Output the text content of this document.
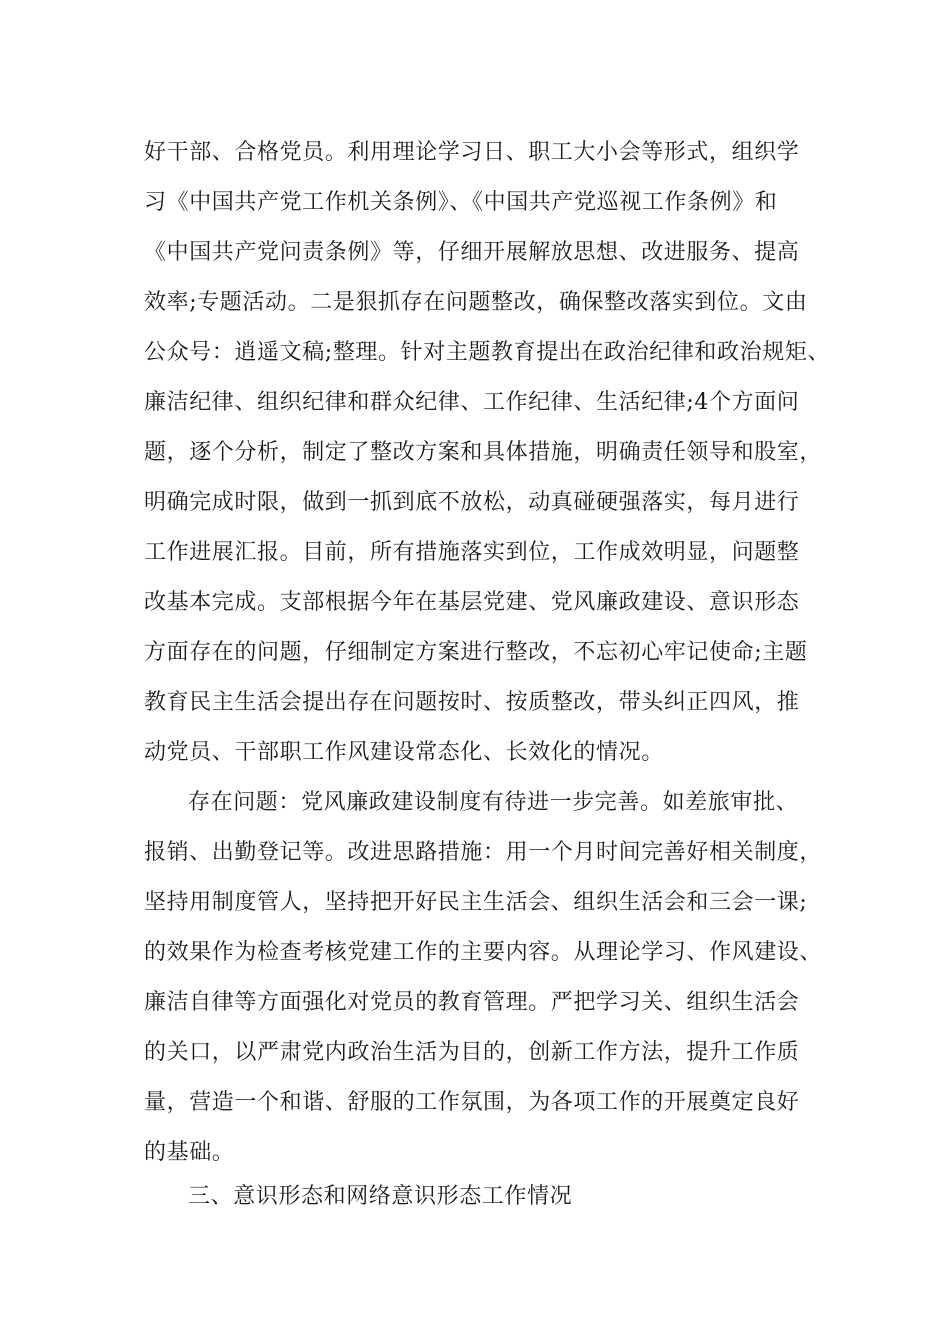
好干部、合格党员。利用理论学习日、职工大小会等形式，组织学
习《中国共产党工作机关条例》、《中国共产党巡视工作条例》和
《中国共产党问责条例》等，仔细开展解放思想、改进服务、提高
效率;专题活动。二是狠抓存在问题整改，确保整改落实到位。文由
公众号：逍遥文稿;整理。针对主题教育提出在政治纪律和政治规矩、
廉洁纪律、组织纪律和群众纪律、工作纪律、生活纪律;4个方面问
题，逐个分析，制定了整改方案和具体措施，明确责任领导和股室，
明确完成时限，做到一抓到底不放松，动真碰硬强落实，每月进行
工作进展汇报。目前，所有措施落实到位，工作成效明显，问题整
改基本完成。支部根据今年在基层党建、党风廉政建设、意识形态
方面存在的问题，仔细制定方案进行整改，不忘初心牢记使命;主题
教育民主生活会提出存在问题按时、按质整改，带头纠正四风，推
动党员、干部职工作风建设常态化、长效化的情况。
存在问题：党风廉政建设制度有待进一步完善。如差旅审批、
报销、出勤登记等。改进思路措施：用一个月时间完善好相关制度，
坚持用制度管人，坚持把开好民主生活会、组织生活会和三会一课;
的效果作为检查考核党建工作的主要内容。从理论学习、作风建设、
廉洁自律等方面强化对党员的教育管理。严把学习关、组织生活会
的关口，以严肃党内政治生活为目的，创新工作方法，提升工作质
量，营造一个和谐、舒服的工作氛围，为各项工作的开展奠定良好
的基础。
三、意识形态和网络意识形态工作情况
